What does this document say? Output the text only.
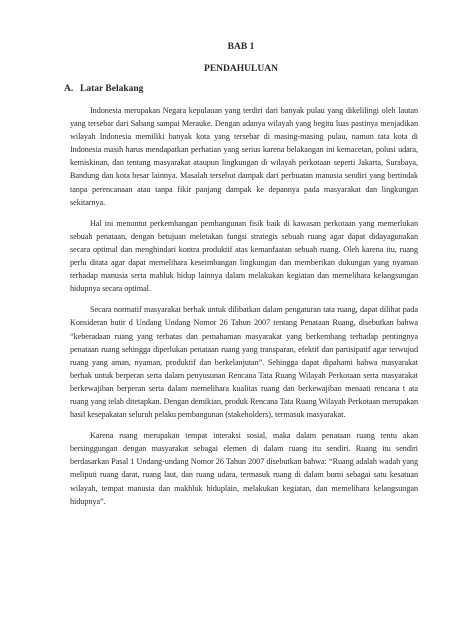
BAB 1
PENDAHULUAN
A. Latar Belakang

Indonesia merupakan Negara kepulauan yang terdiri dari banyak pulau yang dikelilingi oleh lautan yang tersebar dari Sabang sampai Merauke. Dengan adanya wilayah yang begitu luas pastinya menjadikan wilayah Indonesia memiliki banyak kota yang tersebar di masing-masing pulau, namun tata kota di Indonesia masih harus mendapatkan perhatian yang serius karena belakangan ini kemacetan, polusi udara, kemiskinan, dan tentang masyarakat ataupun lingkungan di wilayah perkotaan seperti Jakarta, Surabaya, Bandung dan kota besar lainnya. Masalah tersebut dampak dari perbuatan manusia sendiri yang bertindak tanpa perencanaan atau tanpa fikir panjang dampak ke depannya pada masyarakat dan lingkungan sekitarnya.

Hal ini menuntut perkembangan pembangunan fisik baik di kawasan perkotaan yang memerlukan sebuah penataan, dengan betujuan meletakan fungsi strategis sebuah ruang agar dapat didayagunakan secara optimal dan menghindari kontra produktif atas kemanfaatan sebuah ruang. Oleh karena itu, ruang perlu ditata agar dapat memelihara keseimbangan lingkungan dan memberikan dukungan yang nyaman terhadap manusia serta mahluk hidup lainnya dalam melakukan kegiatan dan memelihara kelangsungan hidupnya secara optimal.

Secara normatif masyarakat berhak untuk dilibatkan dalam pengaturan tata ruang, dapat dilihat pada Konsideran butir d Undang Undang Nomor 26 Tahun 2007 tentang Penataan Ruang, disebutkan bahwa “keberadaan ruang yang terbatas dan pemahaman masyarakat yang berkembang terhadap pentingnya penataan ruang sehingga diperlukan penataan ruang yang transparan, efektif dan partisipatif agar terwujud ruang yang aman, nyaman, produktif dan berkelanjutan”. Sehingga dapat dipahami bahwa masyarakat berhak untuk berperan serta dalam penyusunan Rencana Tata Ruang Wilayah Perkotaan serta masyarakat berkewajiban berperan serta dalam memelihara kualitas ruang dan berkewajiban menaati rencana t ata ruang yang telah ditetapkan. Dengan demikian, produk Rencana Tata Ruang Wilayah Perkotaan merupakan hasil kesepakatan seluruh pelaku pembangunan (stakeholders), termasuk masyarakat.

Karena ruang merupakan tempat interaksi sosial, maka dalam penataan ruang tentu akan bersinggungan dengan masyarakat sebagai elemen di dalam ruang itu sendiri. Ruang itu sendiri berdasarkan Pasal 1 Undang-undang Nomor 26 Tahun 2007 disebutkan bahwa: “Ruang adalah wadah yang meliputi ruang darat, ruang laut, dan ruang udara, termasuk ruang di dalam bumi sebagai satu kesatuan wilayah, tempat manusia dan makhluk hiduplain, melakukan kegiatan, dan memelihara kelangsungan hidupnya”.
